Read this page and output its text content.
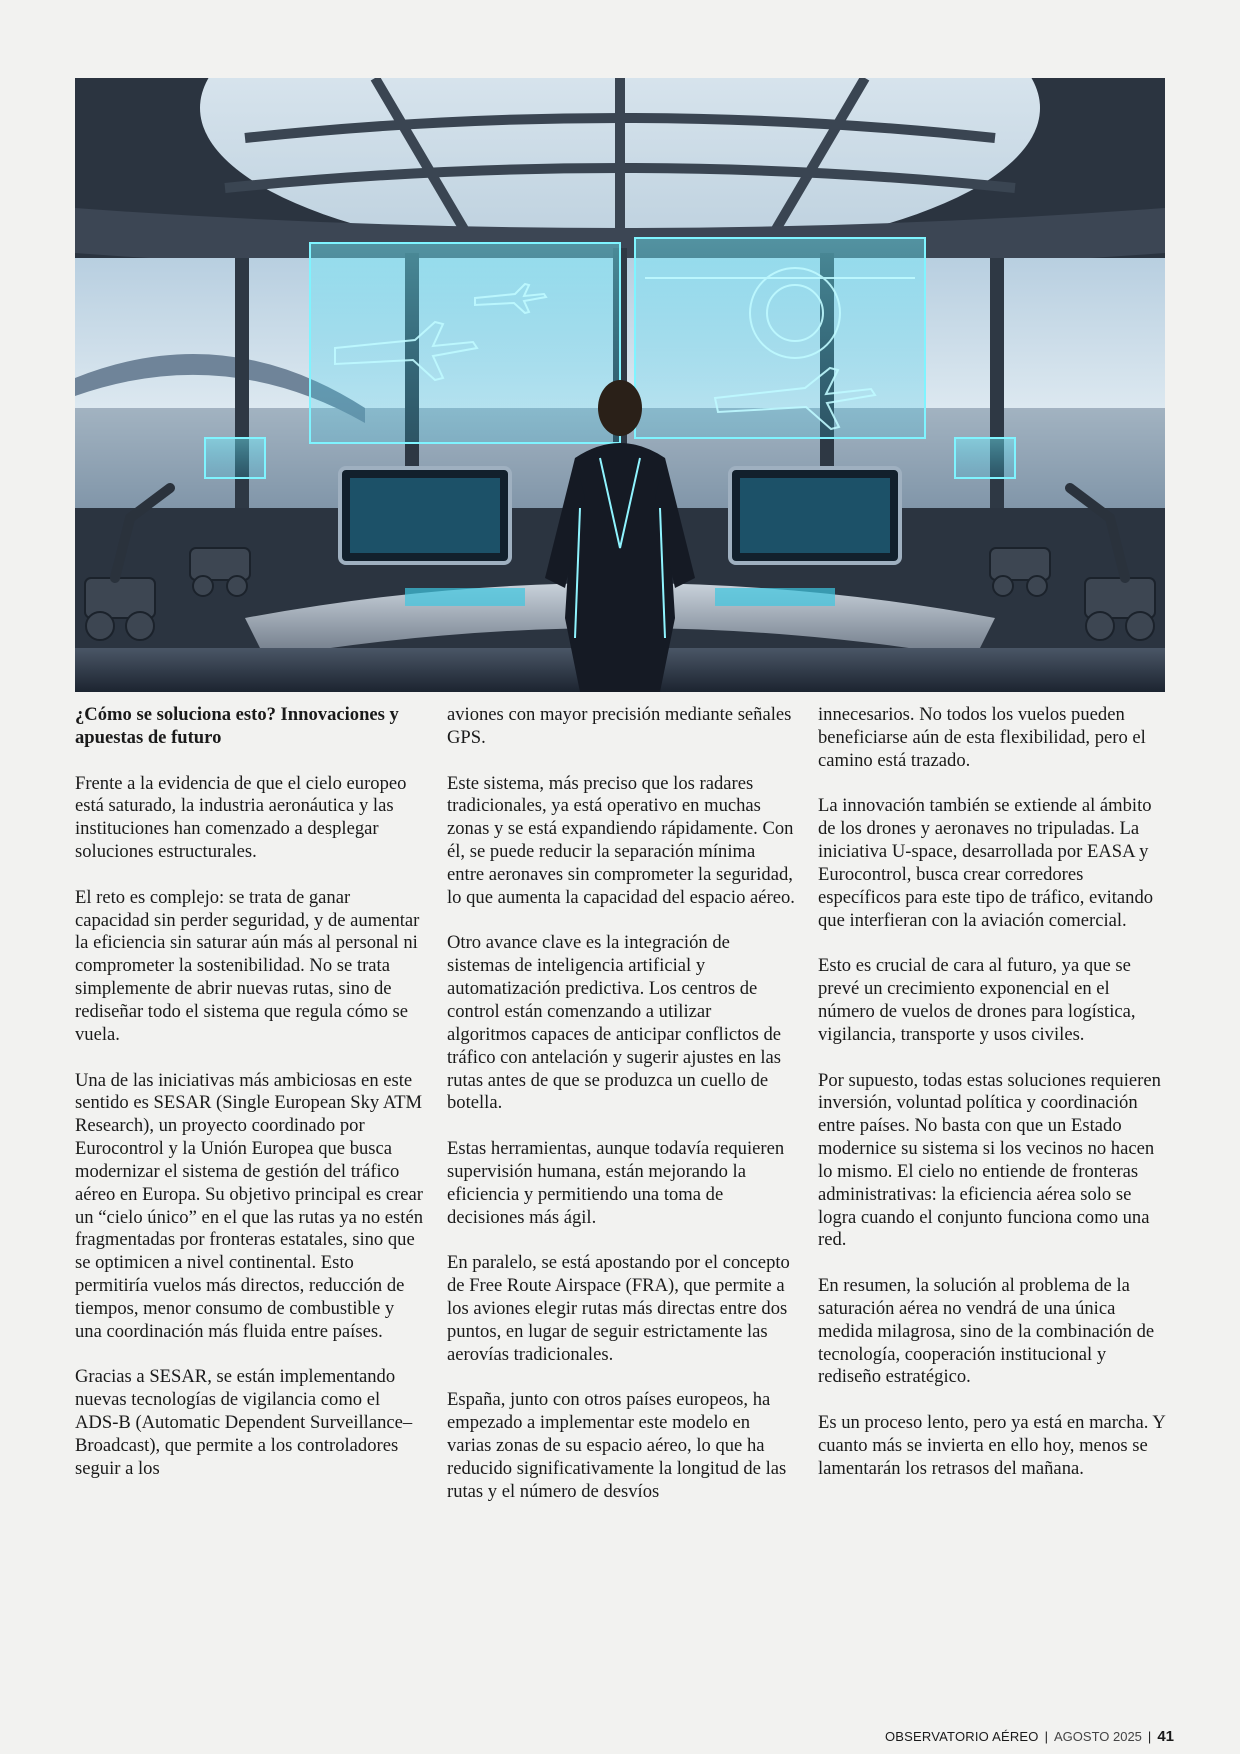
¿Cómo se soluciona esto? Innovaciones y apuestas de futuro

Frente a la evidencia de que el cielo europeo está saturado, la industria aeronáutica y las instituciones han comenzado a desplegar soluciones estructurales.

El reto es complejo: se trata de ganar capacidad sin perder seguridad, y de aumentar la eficiencia sin saturar aún más al personal ni comprometer la sostenibilidad. No se trata simplemente de abrir nuevas rutas, sino de rediseñar todo el sistema que regula cómo se vuela.

Una de las iniciativas más ambiciosas en este sentido es SESAR (Single European Sky ATM Research), un proyecto coordinado por Eurocontrol y la Unión Europea que busca modernizar el sistema de gestión del tráfico aéreo en Europa. Su objetivo principal es crear un “cielo único” en el que las rutas ya no estén fragmentadas por fronteras estatales, sino que se optimicen a nivel continental. Esto permitiría vuelos más directos, reducción de tiempos, menor consumo de combustible y una coordinación más fluida entre países.

Gracias a SESAR, se están implementando nuevas tecnologías de vigilancia como el ADS-B (Automatic Dependent Surveillance–Broadcast), que permite a los controladores seguir a los

aviones con mayor precisión mediante señales GPS.

Este sistema, más preciso que los radares tradicionales, ya está operativo en muchas zonas y se está expandiendo rápidamente. Con él, se puede reducir la separación mínima entre aeronaves sin comprometer la seguridad, lo que aumenta la capacidad del espacio aéreo.

Otro avance clave es la integración de sistemas de inteligencia artificial y automatización predictiva. Los centros de control están comenzando a utilizar algoritmos capaces de anticipar conflictos de tráfico con antelación y sugerir ajustes en las rutas antes de que se produzca un cuello de botella.

Estas herramientas, aunque todavía requieren supervisión humana, están mejorando la eficiencia y permitiendo una toma de decisiones más ágil.

En paralelo, se está apostando por el concepto de Free Route Airspace (FRA), que permite a los aviones elegir rutas más directas entre dos puntos, en lugar de seguir estrictamente las aerovías tradicionales.

España, junto con otros países europeos, ha empezado a implementar este modelo en varias zonas de su espacio aéreo, lo que ha reducido significativamente la longitud de las rutas y el número de desvíos

innecesarios. No todos los vuelos pueden beneficiarse aún de esta flexibilidad, pero el camino está trazado.

La innovación también se extiende al ámbito de los drones y aeronaves no tripuladas. La iniciativa U-space, desarrollada por EASA y Eurocontrol, busca crear corredores específicos para este tipo de tráfico, evitando que interfieran con la aviación comercial.

Esto es crucial de cara al futuro, ya que se prevé un crecimiento exponencial en el número de vuelos de drones para logística, vigilancia, transporte y usos civiles.

Por supuesto, todas estas soluciones requieren inversión, voluntad política y coordinación entre países. No basta con que un Estado modernice su sistema si los vecinos no hacen lo mismo. El cielo no entiende de fronteras administrativas: la eficiencia aérea solo se logra cuando el conjunto funciona como una red.

En resumen, la solución al problema de la saturación aérea no vendrá de una única medida milagrosa, sino de la combinación de tecnología, cooperación institucional y rediseño estratégico.

Es un proceso lento, pero ya está en marcha. Y cuanto más se invierta en ello hoy, menos se lamentarán los retrasos del mañana.

OBSERVATORIO AÉREO | AGOSTO 2025 | 41
